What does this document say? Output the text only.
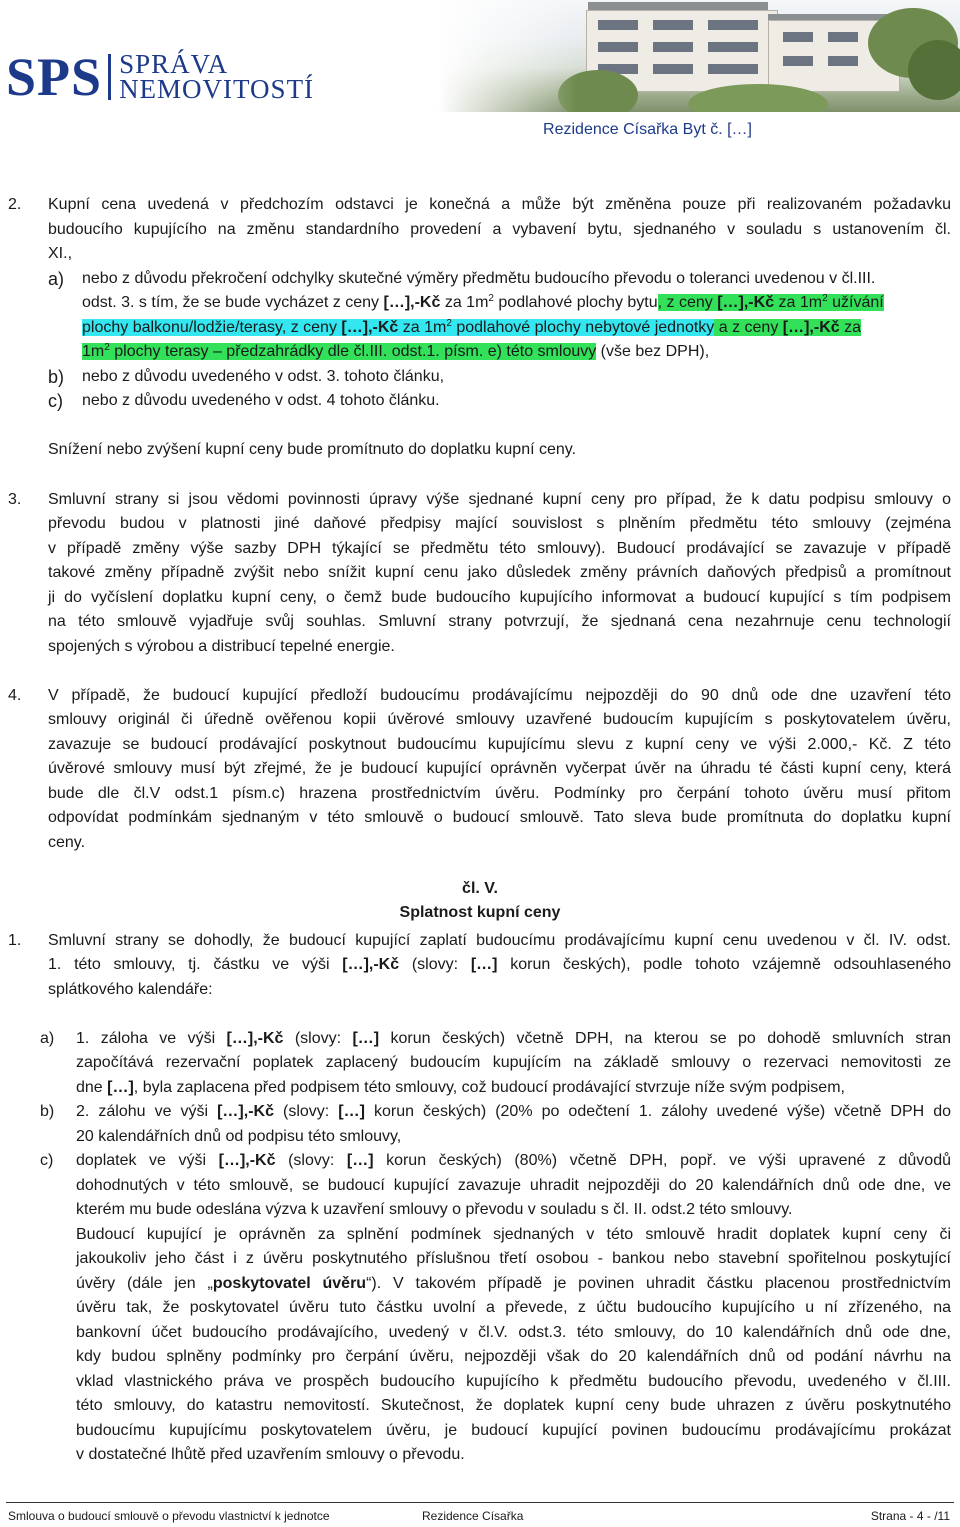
SPS SPRÁVA
NEMOVITOSTÍ
Rezidence Císařka Byt č. […]
2. Kupní cena uvedená v předchozím odstavci je konečná a může být změněna pouze při realizovaném požadavku
budoucího kupujícího na změnu standardního provedení a vybavení bytu, sjednaného v souladu s ustanovením čl.
XI.,
a) nebo z důvodu překročení odchylky skutečné výměry předmětu budoucího převodu o toleranci uvedenou v čl.III.
odst. 3. s tím, že se bude vycházet z ceny […],-Kč za $1m^2$ podlahové plochy bytu, z ceny […],-Kč za $1m^2$ užívání
plochy balkonu/lodžie/terasy, z ceny […],-Kč za $1m^2$ podlahové plochy nebytové jednotky a z ceny […],-Kč za
$1m^2$ plochy terasy – předzahrádky dle čl.III. odst.1. písm. e) této smlouvy (vše bez DPH),
b) nebo z důvodu uvedeného v odst. 3. tohoto článku,
c) nebo z důvodu uvedeného v odst. 4 tohoto článku.
Snížení nebo zvýšení kupní ceny bude promítnuto do doplatku kupní ceny.
3. Smluvní strany si jsou vědomi povinnosti úpravy výše sjednané kupní ceny pro případ, že k datu podpisu smlouvy o
převodu budou v platnosti jiné daňové předpisy mající souvislost s plněním předmětu této smlouvy (zejména
v případě změny výše sazby DPH týkající se předmětu této smlouvy). Budoucí prodávající se zavazuje v případě
takové změny případně zvýšit nebo snížit kupní cenu jako důsledek změny právních daňových předpisů a promítnout
ji do vyčíslení doplatku kupní ceny, o čemž bude budoucího kupujícího informovat a budoucí kupující s tím podpisem
na této smlouvě vyjadřuje svůj souhlas. Smluvní strany potvrzují, že sjednaná cena nezahrnuje cenu technologií
spojených s výrobou a distribucí tepelné energie.
4. V případě, že budoucí kupující předloží budoucímu prodávajícímu nejpozději do 90 dnů ode dne uzavření této
smlouvy originál či úředně ověřenou kopii úvěrové smlouvy uzavřené budoucím kupujícím s poskytovatelem úvěru,
zavazuje se budoucí prodávající poskytnout budoucímu kupujícímu slevu z kupní ceny ve výši 2.000,- Kč. Z této
úvěrové smlouvy musí být zřejmé, že je budoucí kupující oprávněn vyčerpat úvěr na úhradu té části kupní ceny, která
bude dle čl.V odst.1 písm.c) hrazena prostřednictvím úvěru. Podmínky pro čerpání tohoto úvěru musí přitom
odpovídat podmínkám sjednaným v této smlouvě o budoucí smlouvě. Tato sleva bude promítnuta do doplatku kupní
ceny.
čl. V.
Splatnost kupní ceny
1. Smluvní strany se dohodly, že budoucí kupující zaplatí budoucímu prodávajícímu kupní cenu uvedenou v čl. IV. odst.
1. této smlouvy, tj. částku ve výši […],-Kč (slovy: […] korun českých), podle tohoto vzájemně odsouhlaseného
splátkového kalendáře:
a) 1. záloha ve výši […],-Kč (slovy: […] korun českých) včetně DPH, na kterou se po dohodě smluvních stran
započítává rezervační poplatek zaplacený budoucím kupujícím na základě smlouvy o rezervaci nemovitosti ze
dne […], byla zaplacena před podpisem této smlouvy, což budoucí prodávající stvrzuje níže svým podpisem,
b) 2. zálohu ve výši […],-Kč (slovy: […] korun českých) (20% po odečtení 1. zálohy uvedené výše) včetně DPH do
20 kalendářních dnů od podpisu této smlouvy,
c) doplatek ve výši […],-Kč (slovy: […] korun českých) (80%) včetně DPH, popř. ve výši upravené z důvodů
dohodnutých v této smlouvě, se budoucí kupující zavazuje uhradit nejpozději do 20 kalendářních dnů ode dne, ve
kterém mu bude odeslána výzva k uzavření smlouvy o převodu v souladu s čl. II. odst.2 této smlouvy.
Budoucí kupující je oprávněn za splnění podmínek sjednaných v této smlouvě hradit doplatek kupní ceny či
jakoukoliv jeho část i z úvěru poskytnutého příslušnou třetí osobou - bankou nebo stavební spořitelnou poskytující
úvěry (dále jen „poskytovatel úvěru“). V takovém případě je povinen uhradit částku placenou prostřednictvím
úvěru tak, že poskytovatel úvěru tuto částku uvolní a převede, z účtu budoucího kupujícího u ní zřízeného, na
bankovní účet budoucího prodávajícího, uvedený v čl.V. odst.3. této smlouvy, do 10 kalendářních dnů ode dne,
kdy budou splněny podmínky pro čerpání úvěru, nejpozději však do 20 kalendářních dnů od podání návrhu na
vklad vlastnického práva ve prospěch budoucího kupujícího k předmětu budoucího převodu, uvedeného v čl.III.
této smlouvy, do katastru nemovitostí. Skutečnost, že doplatek kupní ceny bude uhrazen z úvěru poskytnutého
budoucímu kupujícímu poskytovatelem úvěru, je budoucí kupující povinen budoucímu prodávajícímu prokázat
v dostatečné lhůtě před uzavřením smlouvy o převodu.
Smlouva o budoucí smlouvě o převodu vlastnictví k jednotce	Rezidence Císařka	Strana - 4 - /11
